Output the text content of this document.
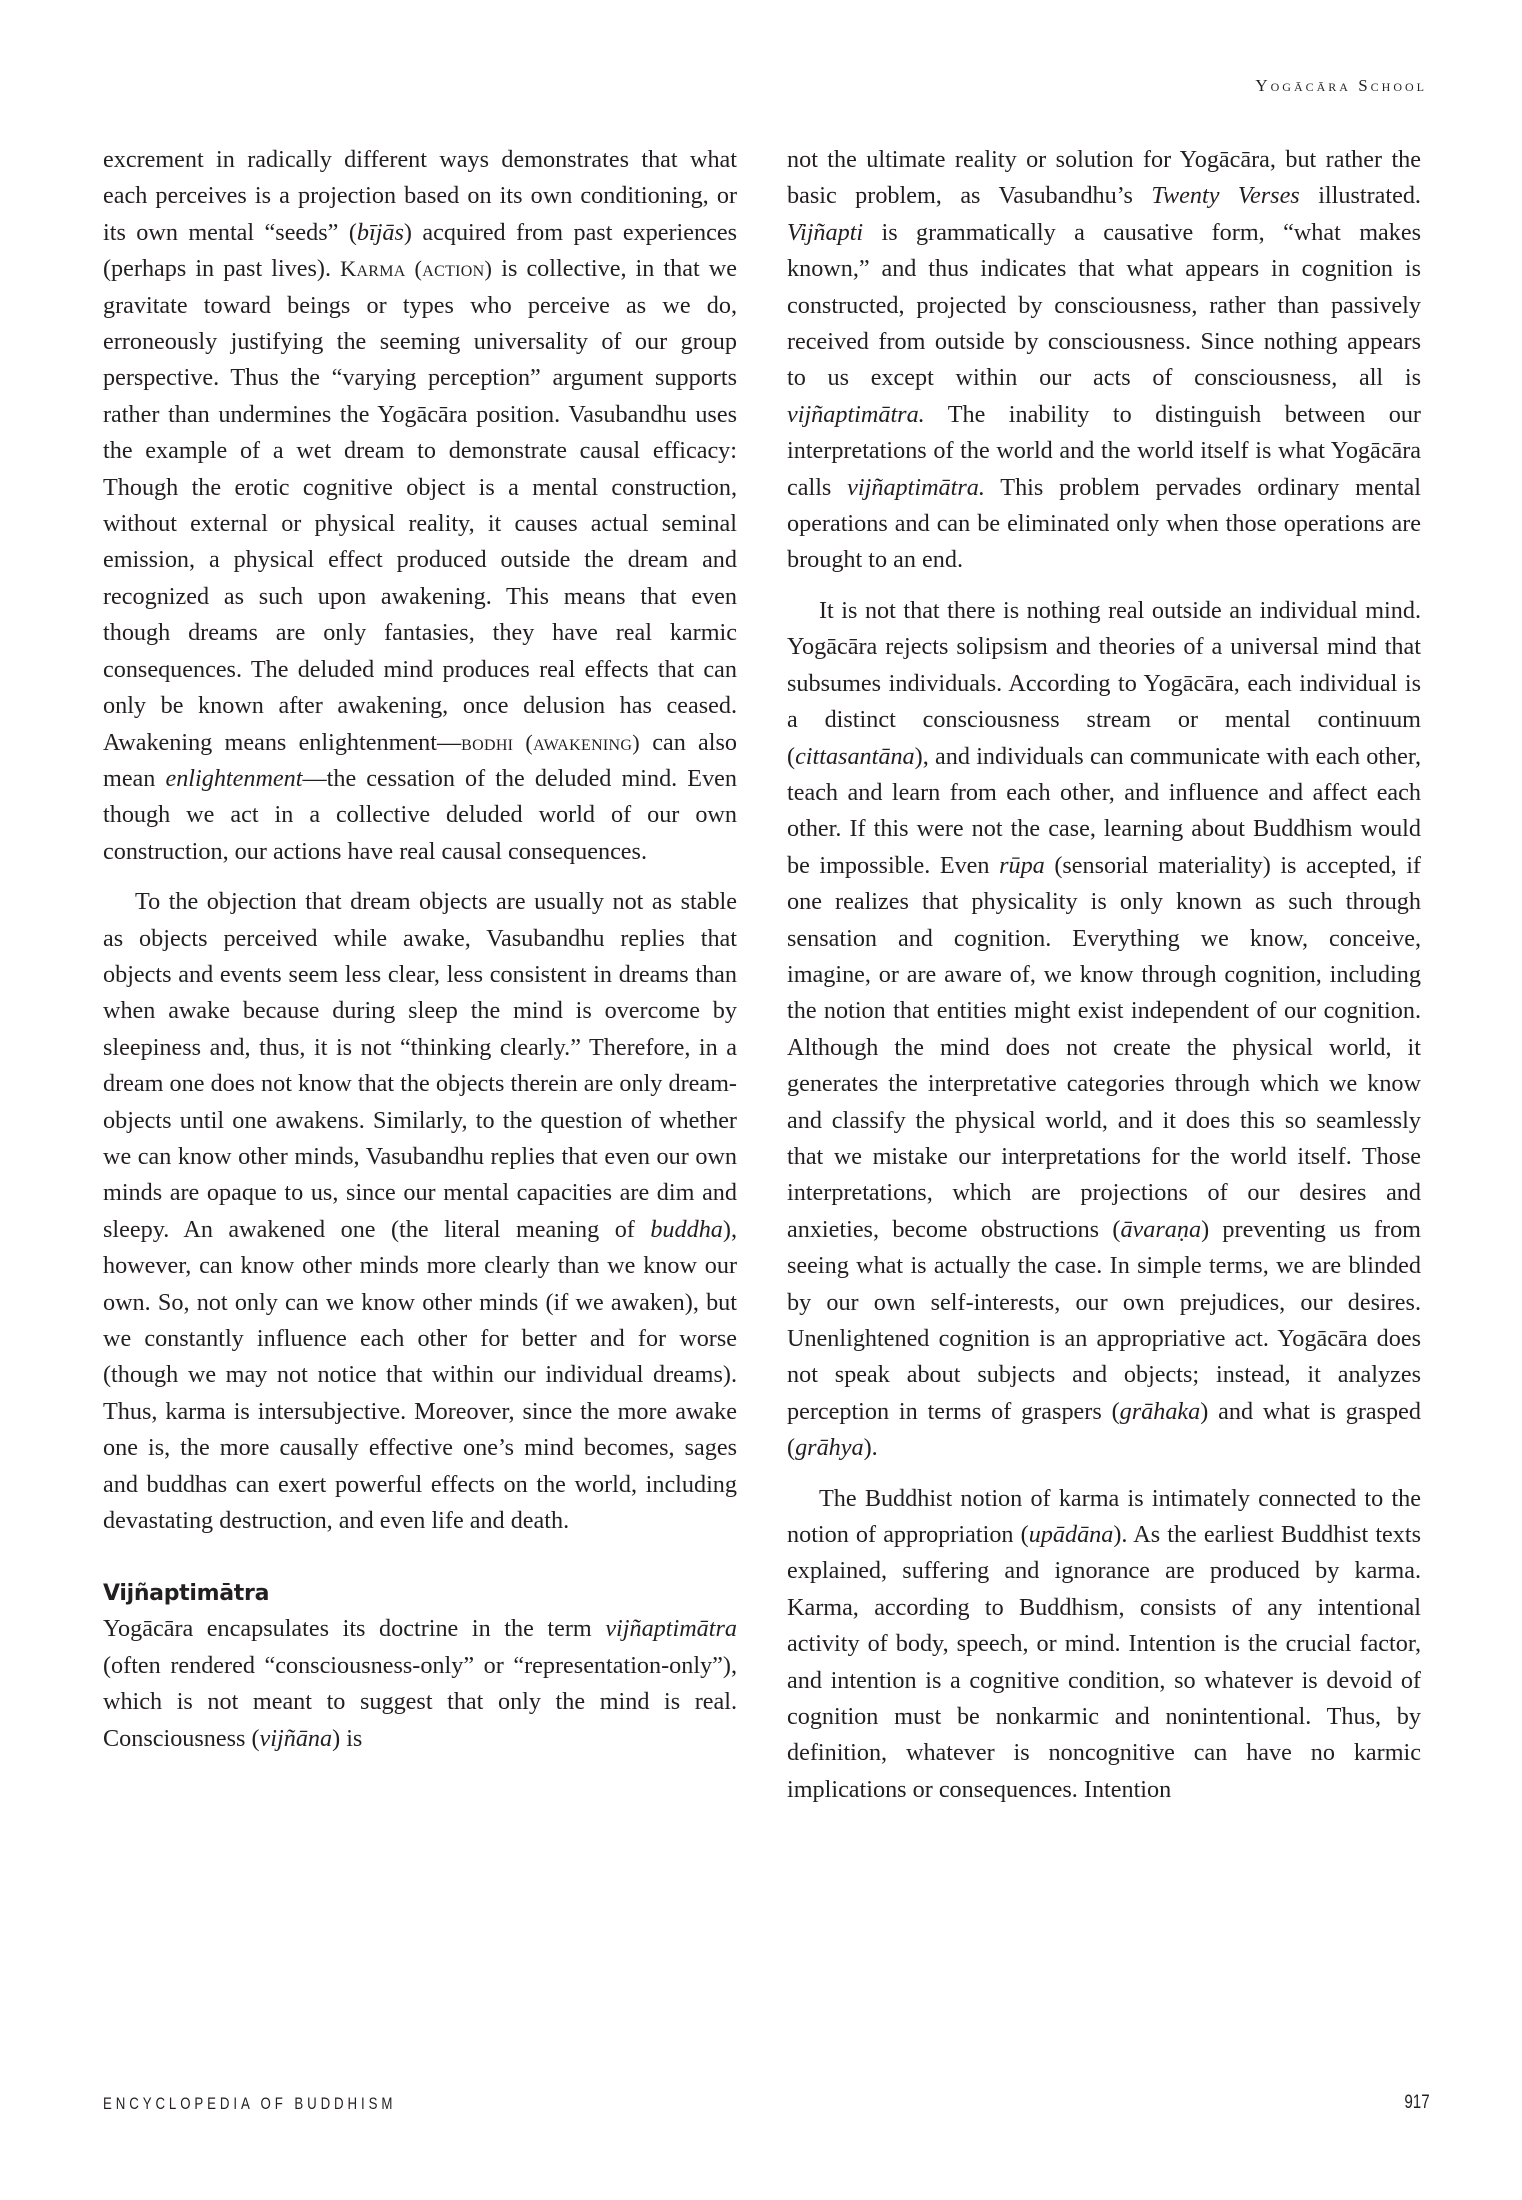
Yogācāra School

excrement in radically different ways demonstrates that what each perceives is a projection based on its own conditioning, or its own mental “seeds” (bījās) acquired from past experiences (perhaps in past lives). Karma (action) is collective, in that we gravitate toward beings or types who perceive as we do, erroneously justifying the seeming universality of our group perspective. Thus the “varying perception” argument supports rather than undermines the Yogācāra position. Vasubandhu uses the example of a wet dream to demonstrate causal efficacy: Though the erotic cognitive object is a mental construction, without external or physical reality, it causes actual seminal emission, a physical effect produced outside the dream and recognized as such upon awakening. This means that even though dreams are only fantasies, they have real karmic consequences. The deluded mind produces real effects that can only be known after awakening, once delusion has ceased. Awakening means enlightenment—bodhi (awakening) can also mean enlightenment—the cessation of the deluded mind. Even though we act in a collective deluded world of our own construction, our actions have real causal consequences.

To the objection that dream objects are usually not as stable as objects perceived while awake, Vasubandhu replies that objects and events seem less clear, less consistent in dreams than when awake because during sleep the mind is overcome by sleepiness and, thus, it is not “thinking clearly.” Therefore, in a dream one does not know that the objects therein are only dream-objects until one awakens. Similarly, to the question of whether we can know other minds, Vasubandhu replies that even our own minds are opaque to us, since our mental capacities are dim and sleepy. An awakened one (the literal meaning of buddha), however, can know other minds more clearly than we know our own. So, not only can we know other minds (if we awaken), but we constantly influence each other for better and for worse (though we may not notice that within our individual dreams). Thus, karma is intersubjective. Moreover, since the more awake one is, the more causally effective one’s mind becomes, sages and buddhas can exert powerful effects on the world, including devastating destruction, and even life and death.

Vijñaptimātra

Yogācāra encapsulates its doctrine in the term vijñaptimātra (often rendered “consciousness-only” or “representation-only”), which is not meant to suggest that only the mind is real. Consciousness (vijñāna) is

not the ultimate reality or solution for Yogācāra, but rather the basic problem, as Vasubandhu’s Twenty Verses illustrated. Vijñapti is grammatically a causative form, “what makes known,” and thus indicates that what appears in cognition is constructed, projected by consciousness, rather than passively received from outside by consciousness. Since nothing appears to us except within our acts of consciousness, all is vijñaptimātra. The inability to distinguish between our interpretations of the world and the world itself is what Yogācāra calls vijñaptimātra. This problem pervades ordinary mental operations and can be eliminated only when those operations are brought to an end.

It is not that there is nothing real outside an individual mind. Yogācāra rejects solipsism and theories of a universal mind that subsumes individuals. According to Yogācāra, each individual is a distinct consciousness stream or mental continuum (cittasantāna), and individuals can communicate with each other, teach and learn from each other, and influence and affect each other. If this were not the case, learning about Buddhism would be impossible. Even rūpa (sensorial materiality) is accepted, if one realizes that physicality is only known as such through sensation and cognition. Everything we know, conceive, imagine, or are aware of, we know through cognition, including the notion that entities might exist independent of our cognition. Although the mind does not create the physical world, it generates the interpretative categories through which we know and classify the physical world, and it does this so seamlessly that we mistake our interpretations for the world itself. Those interpretations, which are projections of our desires and anxieties, become obstructions (āvaraṇa) preventing us from seeing what is actually the case. In simple terms, we are blinded by our own self-interests, our own prejudices, our desires. Unenlightened cognition is an appropriative act. Yogācāra does not speak about subjects and objects; instead, it analyzes perception in terms of graspers (grāhaka) and what is grasped (grāhya).

The Buddhist notion of karma is intimately connected to the notion of appropriation (upādāna). As the earliest Buddhist texts explained, suffering and ignorance are produced by karma. Karma, according to Buddhism, consists of any intentional activity of body, speech, or mind. Intention is the crucial factor, and intention is a cognitive condition, so whatever is devoid of cognition must be nonkarmic and nonintentional. Thus, by definition, whatever is noncognitive can have no karmic implications or consequences. Intention

ENCYCLOPEDIA OF BUDDHISM	917
